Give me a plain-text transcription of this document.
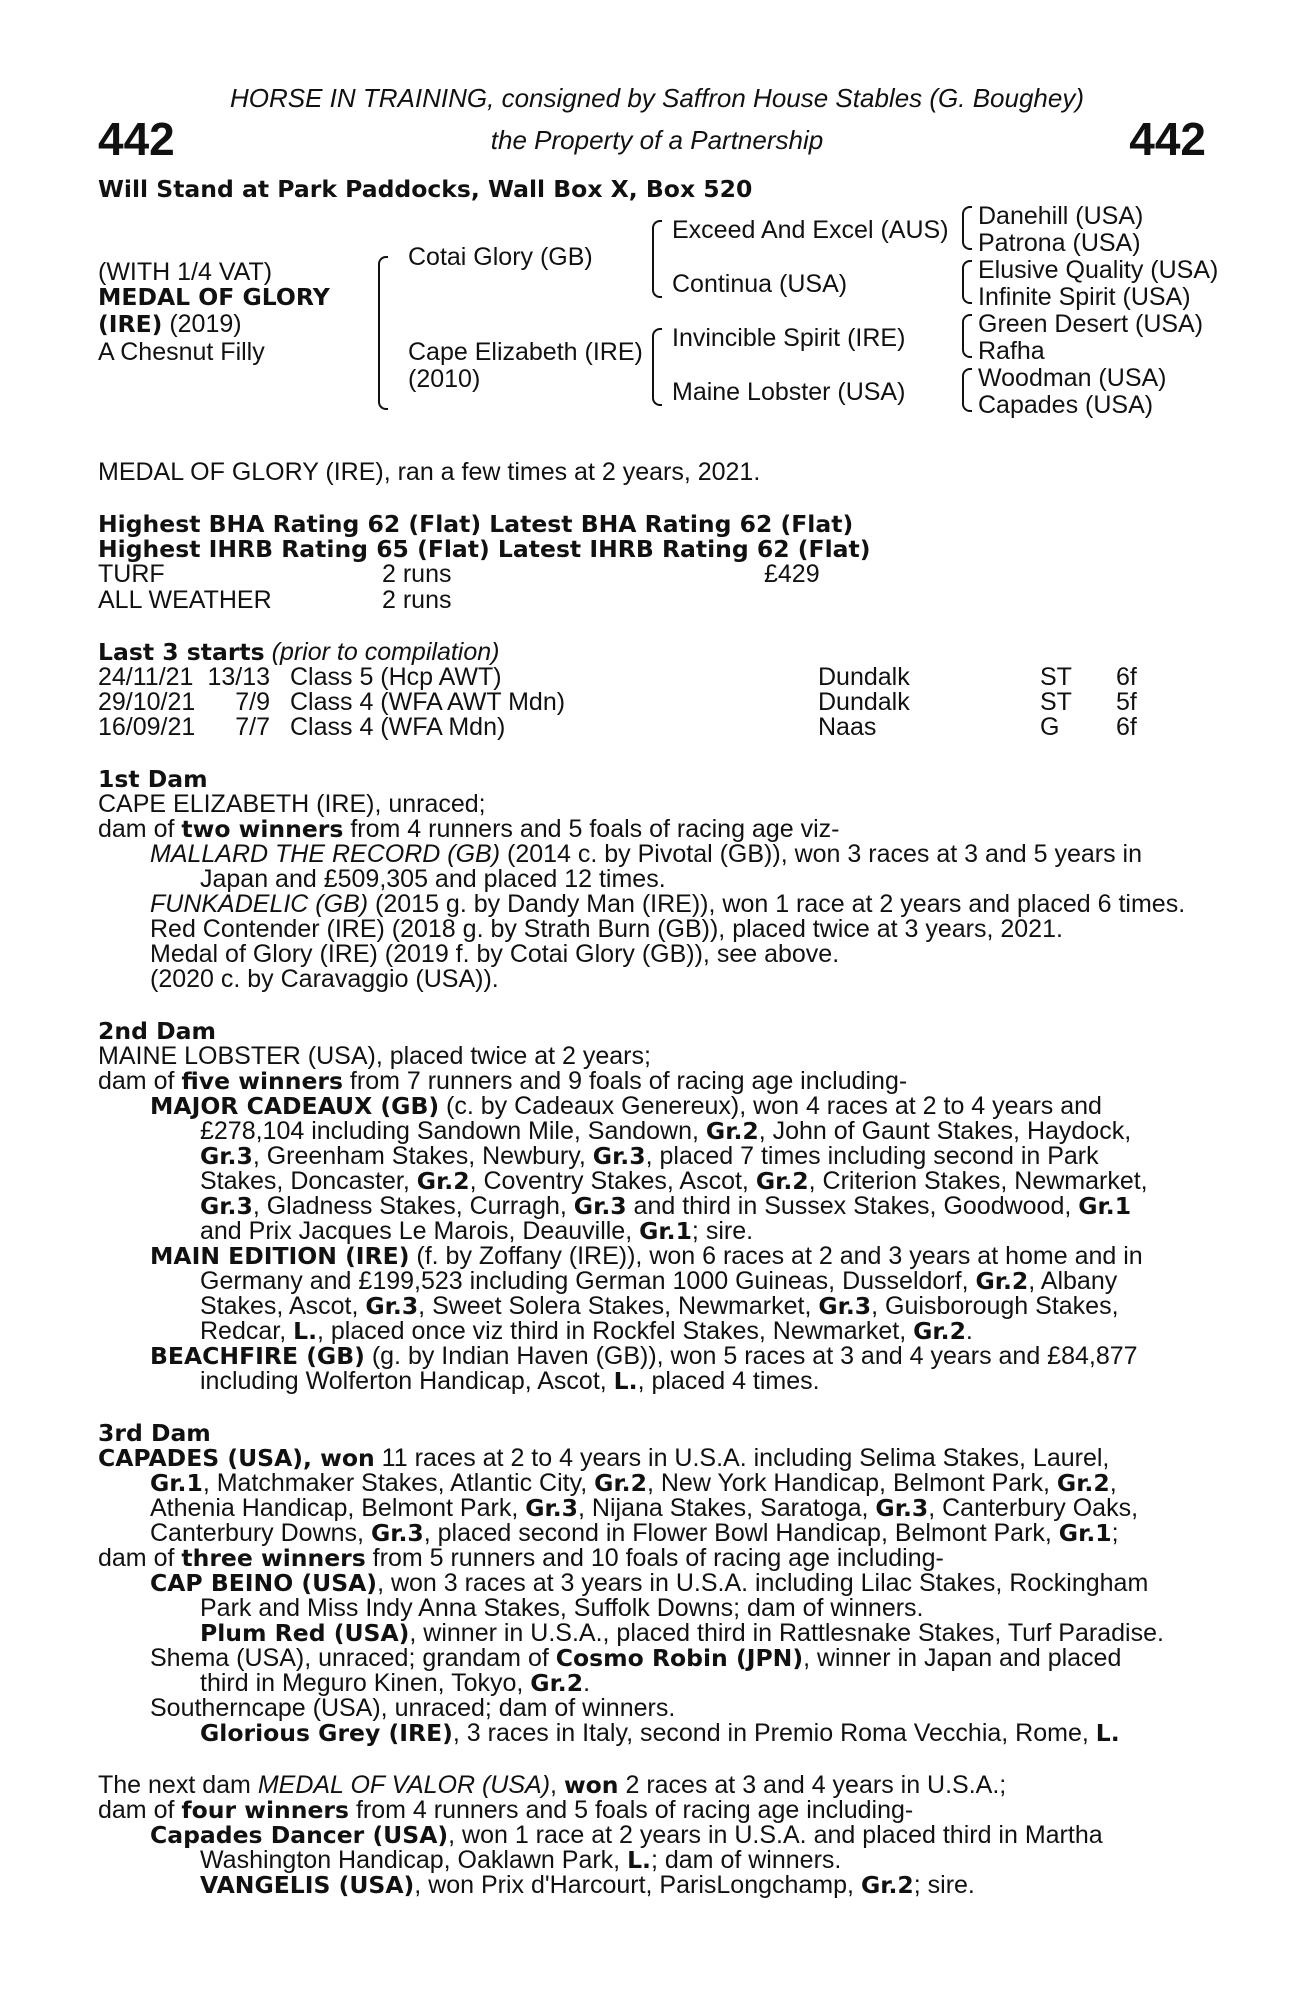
HORSE IN TRAINING, consigned by Saffron House Stables (G. Boughey)
442	the Property of a Partnership	442
Will Stand at Park Paddocks, Wall Box X, Box 520
(WITH 1/4 VAT)
MEDAL OF GLORY
(IRE) (2019)
A Chesnut Filly
Cotai Glory (GB)
Cape Elizabeth (IRE)
(2010)
Exceed And Excel (AUS)
Continua (USA)
Invincible Spirit (IRE)
Maine Lobster (USA)
Danehill (USA)
Patrona (USA)
Elusive Quality (USA)
Infinite Spirit (USA)
Green Desert (USA)
Rafha
Woodman (USA)
Capades (USA)
MEDAL OF GLORY (IRE), ran a few times at 2 years, 2021.
Highest BHA Rating 62 (Flat) Latest BHA Rating 62 (Flat)
Highest IHRB Rating 65 (Flat) Latest IHRB Rating 62 (Flat)
TURF	2 runs	£429
ALL WEATHER	2 runs
Last 3 starts (prior to compilation)
24/11/21 13/13 Class 5 (Hcp AWT)	Dundalk	ST 6f
29/10/21	7/9 Class 4 (WFA AWT Mdn)	Dundalk	ST 5f
16/09/21	7/7 Class 4 (WFA Mdn)	Naas	G 6f
1st Dam
CAPE ELIZABETH (IRE), unraced;
dam of two winners from 4 runners and 5 foals of racing age viz-
MALLARD THE RECORD (GB) (2014 c. by Pivotal (GB)), won 3 races at 3 and 5 years in
Japan and £509,305 and placed 12 times.
FUNKADELIC (GB) (2015 g. by Dandy Man (IRE)), won 1 race at 2 years and placed 6 times.
Red Contender (IRE) (2018 g. by Strath Burn (GB)), placed twice at 3 years, 2021.
Medal of Glory (IRE) (2019 f. by Cotai Glory (GB)), see above.
(2020 c. by Caravaggio (USA)).
2nd Dam
MAINE LOBSTER (USA), placed twice at 2 years;
dam of five winners from 7 runners and 9 foals of racing age including-
MAJOR CADEAUX (GB) (c. by Cadeaux Genereux), won 4 races at 2 to 4 years and
£278,104 including Sandown Mile, Sandown, Gr.2, John of Gaunt Stakes, Haydock,
Gr.3, Greenham Stakes, Newbury, Gr.3, placed 7 times including second in Park
Stakes, Doncaster, Gr.2, Coventry Stakes, Ascot, Gr.2, Criterion Stakes, Newmarket,
Gr.3, Gladness Stakes, Curragh, Gr.3 and third in Sussex Stakes, Goodwood, Gr.1
and Prix Jacques Le Marois, Deauville, Gr.1; sire.
MAIN EDITION (IRE) (f. by Zoffany (IRE)), won 6 races at 2 and 3 years at home and in
Germany and £199,523 including German 1000 Guineas, Dusseldorf, Gr.2, Albany
Stakes, Ascot, Gr.3, Sweet Solera Stakes, Newmarket, Gr.3, Guisborough Stakes,
Redcar, L., placed once viz third in Rockfel Stakes, Newmarket, Gr.2.
BEACHFIRE (GB) (g. by Indian Haven (GB)), won 5 races at 3 and 4 years and £84,877
including Wolferton Handicap, Ascot, L., placed 4 times.
3rd Dam
CAPADES (USA), won 11 races at 2 to 4 years in U.S.A. including Selima Stakes, Laurel,
Gr.1, Matchmaker Stakes, Atlantic City, Gr.2, New York Handicap, Belmont Park, Gr.2,
Athenia Handicap, Belmont Park, Gr.3, Nijana Stakes, Saratoga, Gr.3, Canterbury Oaks,
Canterbury Downs, Gr.3, placed second in Flower Bowl Handicap, Belmont Park, Gr.1;
dam of three winners from 5 runners and 10 foals of racing age including-
CAP BEINO (USA), won 3 races at 3 years in U.S.A. including Lilac Stakes, Rockingham
Park and Miss Indy Anna Stakes, Suffolk Downs; dam of winners.
Plum Red (USA), winner in U.S.A., placed third in Rattlesnake Stakes, Turf Paradise.
Shema (USA), unraced; grandam of Cosmo Robin (JPN), winner in Japan and placed
third in Meguro Kinen, Tokyo, Gr.2.
Southerncape (USA), unraced; dam of winners.
Glorious Grey (IRE), 3 races in Italy, second in Premio Roma Vecchia, Rome, L.
The next dam MEDAL OF VALOR (USA), won 2 races at 3 and 4 years in U.S.A.;
dam of four winners from 4 runners and 5 foals of racing age including-
Capades Dancer (USA), won 1 race at 2 years in U.S.A. and placed third in Martha
Washington Handicap, Oaklawn Park, L.; dam of winners.
VANGELIS (USA), won Prix d'Harcourt, ParisLongchamp, Gr.2; sire.
